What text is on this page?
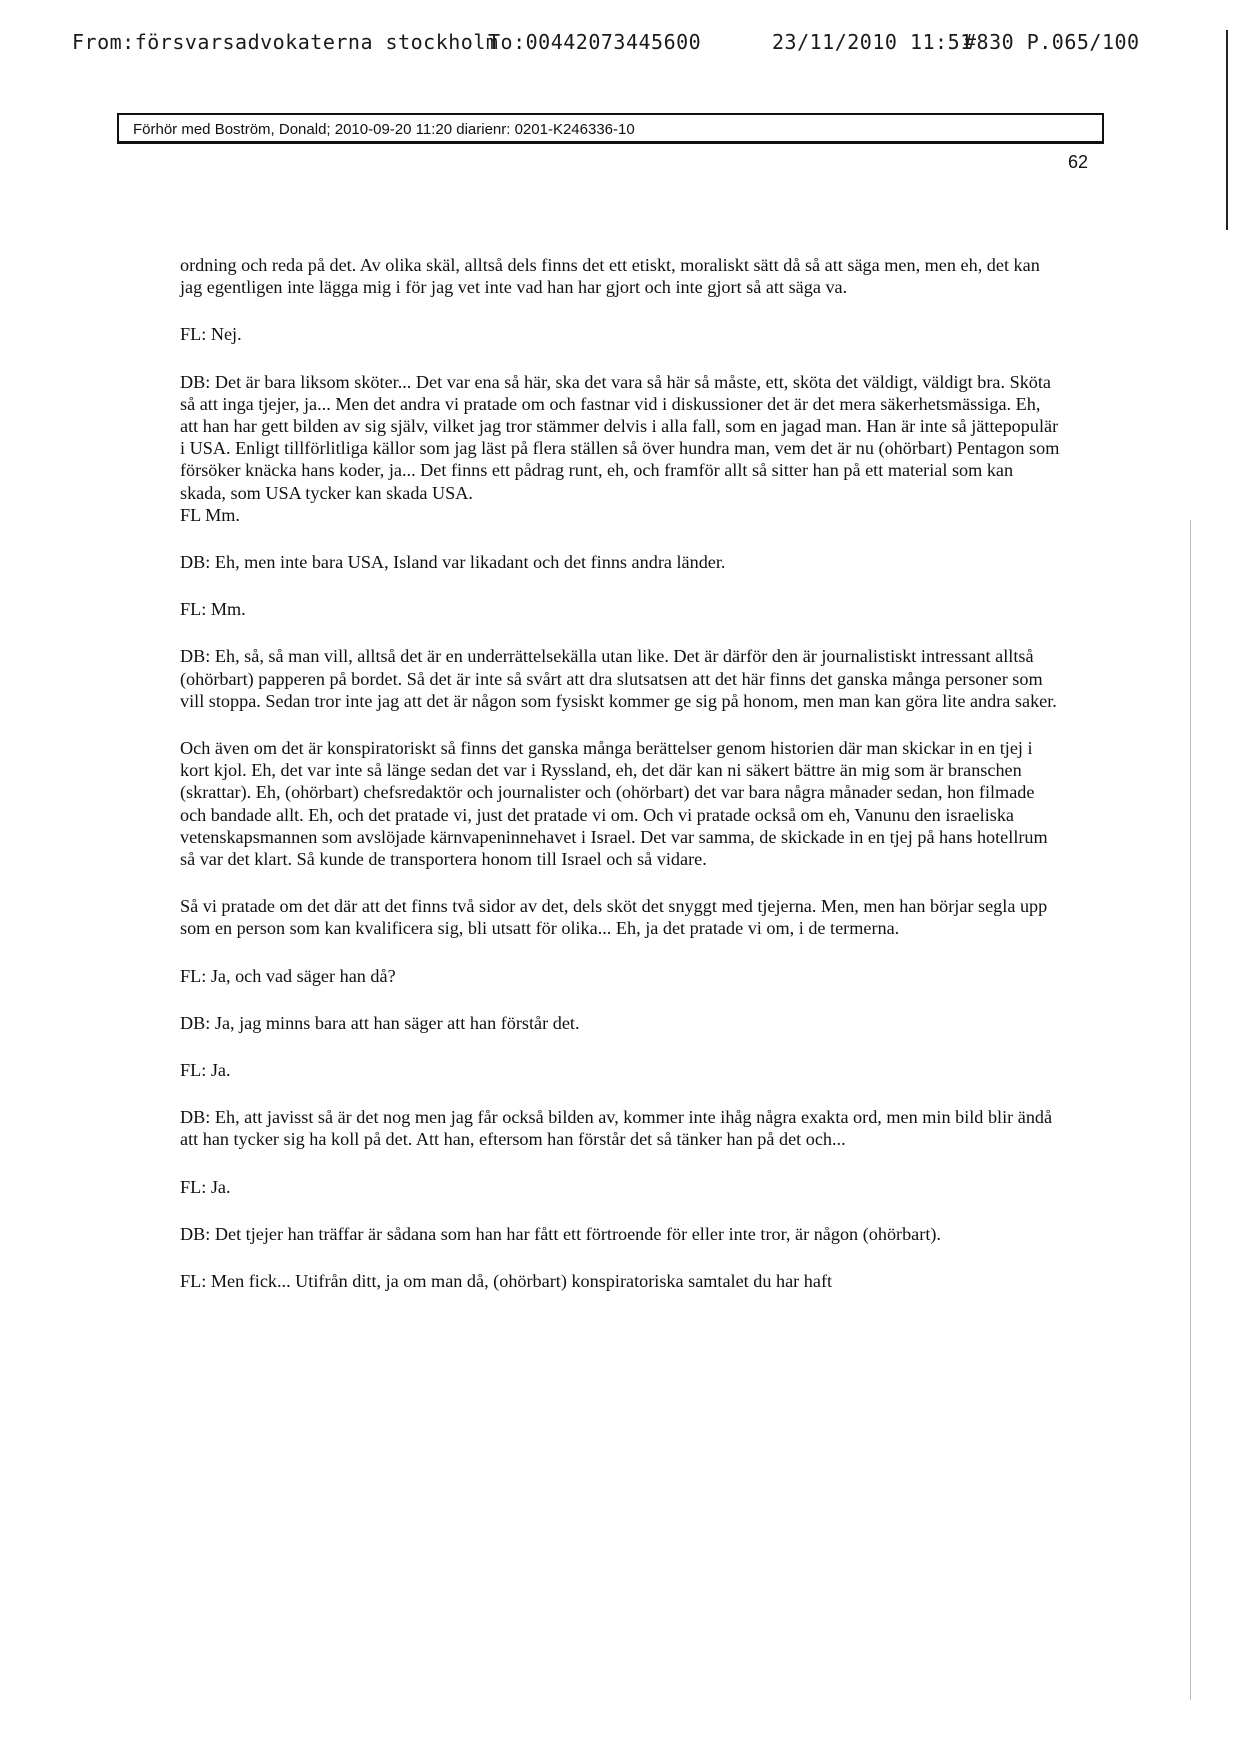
From:försvarsadvokaterna stockholm
To:00442073445600	23/11/2010 11:51
#830 P.065/100
Förhör med Boström, Donald; 2010-09-20 11:20 diarienr: 0201-K246336-10
62

ordning och reda på det. Av olika skäl, alltså dels finns det ett etiskt, moraliskt sätt då så att säga men, men eh, det kan jag egentligen inte lägga mig i för jag vet inte vad han har gjort och inte gjort så att säga va.

FL: Nej.

DB: Det är bara liksom sköter... Det var ena så här, ska det vara så här så måste, ett, sköta det väldigt, väldigt bra. Sköta så att inga tjejer, ja... Men det andra vi pratade om och fastnar vid i diskussioner det är det mera säkerhetsmässiga. Eh, att han har gett bilden av sig själv, vilket jag tror stämmer delvis i alla fall, som en jagad man. Han är inte så jättepopulär i USA. Enligt tillförlitliga källor som jag läst på flera ställen så över hundra man, vem det är nu (ohörbart) Pentagon som försöker knäcka hans koder, ja... Det finns ett pådrag runt, eh, och framför allt så sitter han på ett material som kan skada, som USA tycker kan skada USA.

FL Mm.

DB: Eh, men inte bara USA, Island var likadant och det finns andra länder.

FL: Mm.

DB: Eh, så, så man vill, alltså det är en underrättelsekälla utan like. Det är därför den är journalistiskt intressant alltså (ohörbart) papperen på bordet. Så det är inte så svårt att dra slutsatsen att det här finns det ganska många personer som vill stoppa. Sedan tror inte jag att det är någon som fysiskt kommer ge sig på honom, men man kan göra lite andra saker.

Och även om det är konspiratoriskt så finns det ganska många berättelser genom historien där man skickar in en tjej i kort kjol. Eh, det var inte så länge sedan det var i Ryssland, eh, det där kan ni säkert bättre än mig som är branschen (skrattar). Eh, (ohörbart) chefsredaktör och journalister och (ohörbart) det var bara några månader sedan, hon filmade och bandade allt. Eh, och det pratade vi, just det pratade vi om. Och vi pratade också om eh, Vanunu den israeliska vetenskapsmannen som avslöjade kärnvapeninnehavet i Israel. Det var samma, de skickade in en tjej på hans hotellrum så var det klart. Så kunde de transportera honom till Israel och så vidare.

Så vi pratade om det där att det finns två sidor av det, dels sköt det snyggt med tjejerna. Men, men han börjar segla upp som en person som kan kvalificera sig, bli utsatt för olika... Eh, ja det pratade vi om, i de termerna.

FL: Ja, och vad säger han då?

DB: Ja, jag minns bara att han säger att han förstår det.

FL: Ja.

DB: Eh, att javisst så är det nog men jag får också bilden av, kommer inte ihåg några exakta ord, men min bild blir ändå att han tycker sig ha koll på det. Att han, eftersom han förstår det så tänker han på det och...

FL: Ja.

DB: Det tjejer han träffar är sådana som han har fått ett förtroende för eller inte tror, är någon (ohörbart).

FL: Men fick... Utifrån ditt, ja om man då, (ohörbart) konspiratoriska samtalet du har haft
